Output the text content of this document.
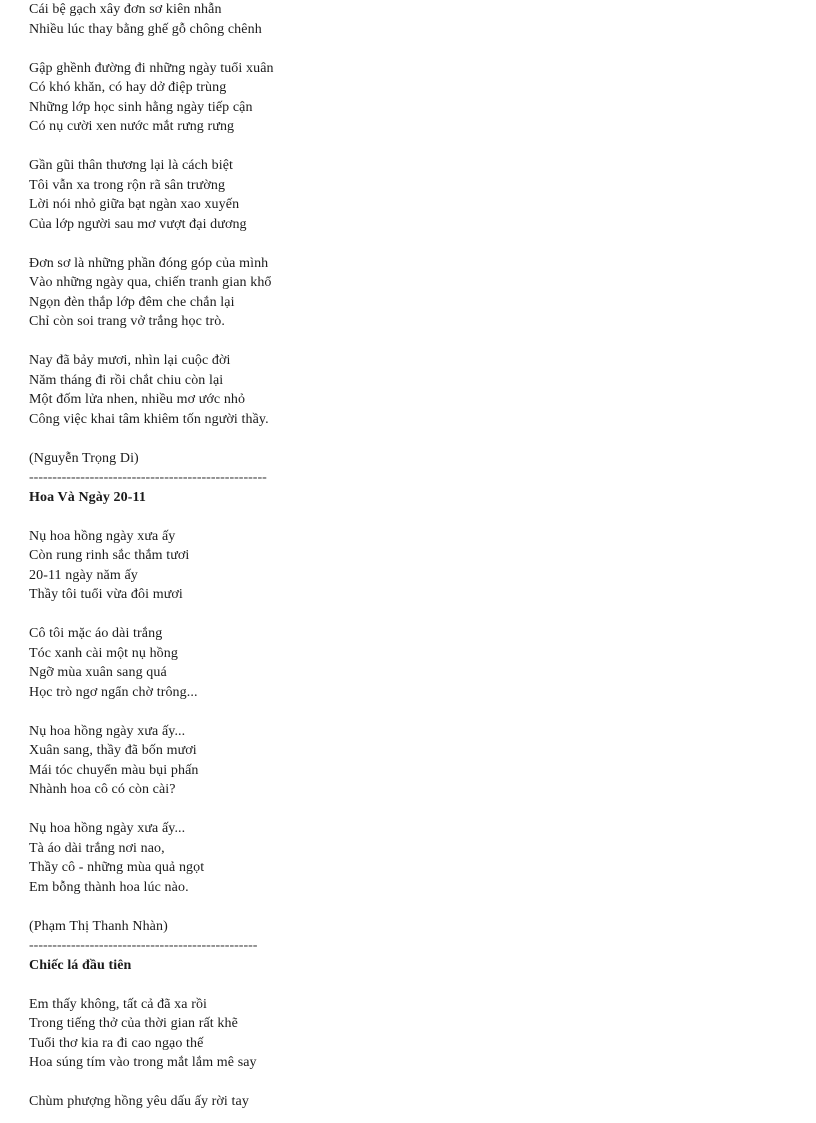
Cái bệ gạch xây đơn sơ kiên nhẫn
Nhiều lúc thay bằng ghế gỗ chông chênh
Gập ghềnh đường đi những ngày tuổi xuân
Có khó khăn, có hay dở điệp trùng
Những lớp học sinh hằng ngày tiếp cận
Có nụ cười xen nước mắt rưng rưng
Gần gũi thân thương lại là cách biệt
Tôi vẫn xa trong rộn rã sân trường
Lời nói nhỏ giữa bạt ngàn xao xuyến
Của lớp người sau mơ vượt đại dương
Đơn sơ là những phần đóng góp của mình
Vào những ngày qua, chiến tranh gian khổ
Ngọn đèn thắp lớp đêm che chắn lại
Chỉ còn soi trang vở trắng học trò.
Nay đã bảy mươi, nhìn lại cuộc đời
Năm tháng đi rồi chắt chiu còn lại
Một đốm lửa nhen, nhiều mơ ước nhỏ
Công việc khai tâm khiêm tốn người thầy.
(Nguyễn Trọng Di)
---------------------------------------------------
Hoa Và Ngày 20-11
Nụ hoa hồng ngày xưa ấy
Còn rung rinh sắc thắm tươi
20-11 ngày năm ấy
Thầy tôi tuổi vừa đôi mươi
Cô tôi mặc áo dài trắng
Tóc xanh cài một nụ hồng
Ngỡ mùa xuân sang quá
Học trò ngơ ngẩn chờ trông...
Nụ hoa hồng ngày xưa ấy...
Xuân sang, thầy đã bốn mươi
Mái tóc chuyển màu bụi phấn
Nhành hoa cô có còn cài?
Nụ hoa hồng ngày xưa ấy...
Tà áo dài trắng nơi nao,
Thầy cô - những mùa quả ngọt
Em bỗng thành hoa lúc nào.
(Phạm Thị Thanh Nhàn)
-------------------------------------------------
Chiếc lá đầu tiên
Em thấy không, tất cả đã xa rồi
Trong tiếng thở của thời gian rất khẽ
Tuổi thơ kia ra đi cao ngạo thế
Hoa súng tím vào trong mắt lắm mê say
Chùm phượng hồng yêu dấu ấy rời tay
